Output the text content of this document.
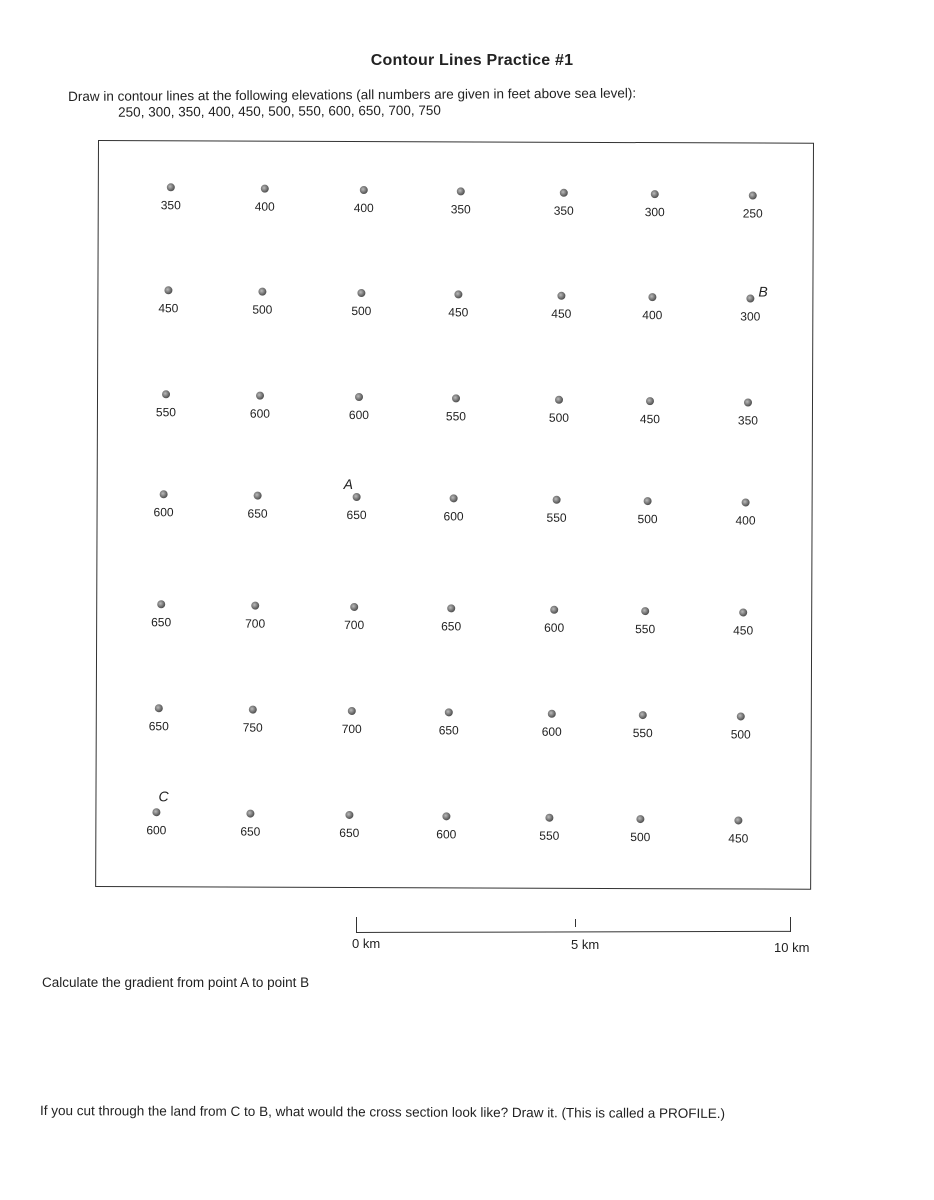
Contour Lines Practice #1
Draw in contour lines at the following elevations (all numbers are given in feet above sea level):
250, 300, 350, 400, 450, 500, 550, 600, 650, 700, 750
350	400	400	350	350	300	250
450	500	500	450	450	400	300
550	600	600	550	500	450	350
600	650	650	600	550	500	400
650	700	700	650	600	550	450
650	750	700	650	600	550	500
600	650	650	600	550	500	450
A
B
C
0 km	5 km	10 km
Calculate the gradient from point A to point B
If you cut through the land from C to B, what would the cross section look like? Draw it. (This is called a PROFILE.)
